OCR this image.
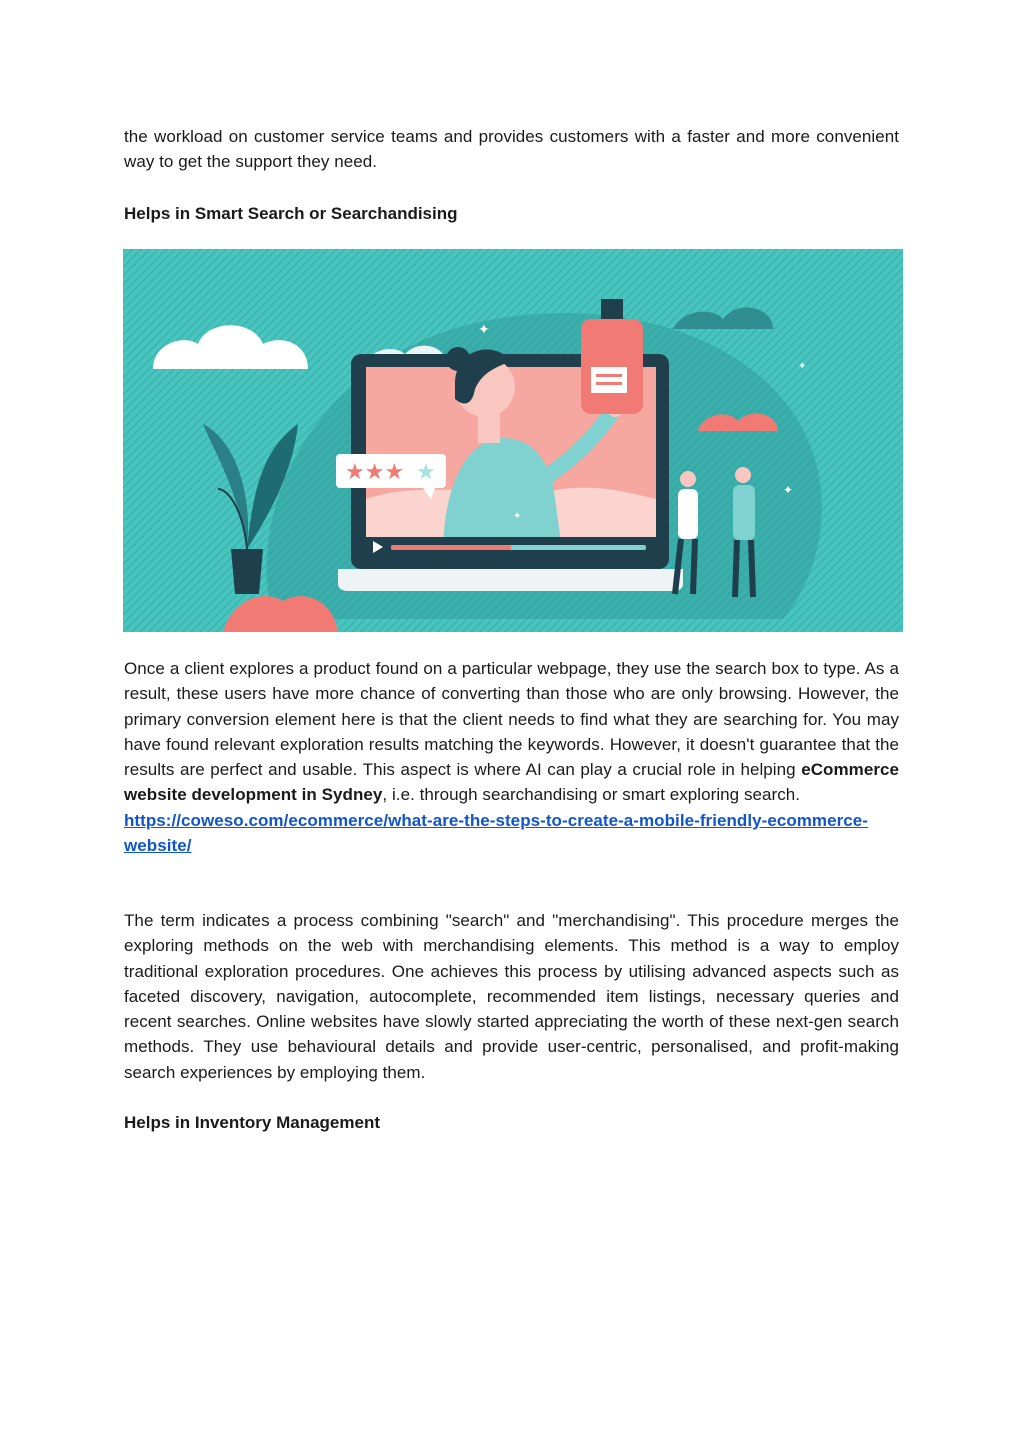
the workload on customer service teams and provides customers with a faster and more convenient way to get the support they need.

Helps in Smart Search or Searchandising
★★★ ★
✦
✦
✦
✦

Once a client explores a product found on a particular webpage, they use the search box to type. As a result, these users have more chance of converting than those who are only browsing. However, the primary conversion element here is that the client needs to find what they are searching for. You may have found relevant exploration results matching the keywords. However, it doesn't guarantee that the results are perfect and usable. This aspect is where AI can play a crucial role in helping eCommerce website development in Sydney, i.e. through searchandising or smart exploring search.
https://coweso.com/ecommerce/what-are-the-steps-to-create-a-mobile-friendly-ecommerce-website/

The term indicates a process combining "search" and "merchandising". This procedure merges the exploring methods on the web with merchandising elements. This method is a way to employ traditional exploration procedures. One achieves this process by utilising advanced aspects such as faceted discovery, navigation, autocomplete, recommended item listings, necessary queries and recent searches. Online websites have slowly started appreciating the worth of these next-gen search methods. They use behavioural details and provide user-centric, personalised, and profit-making search experiences by employing them.

Helps in Inventory Management
